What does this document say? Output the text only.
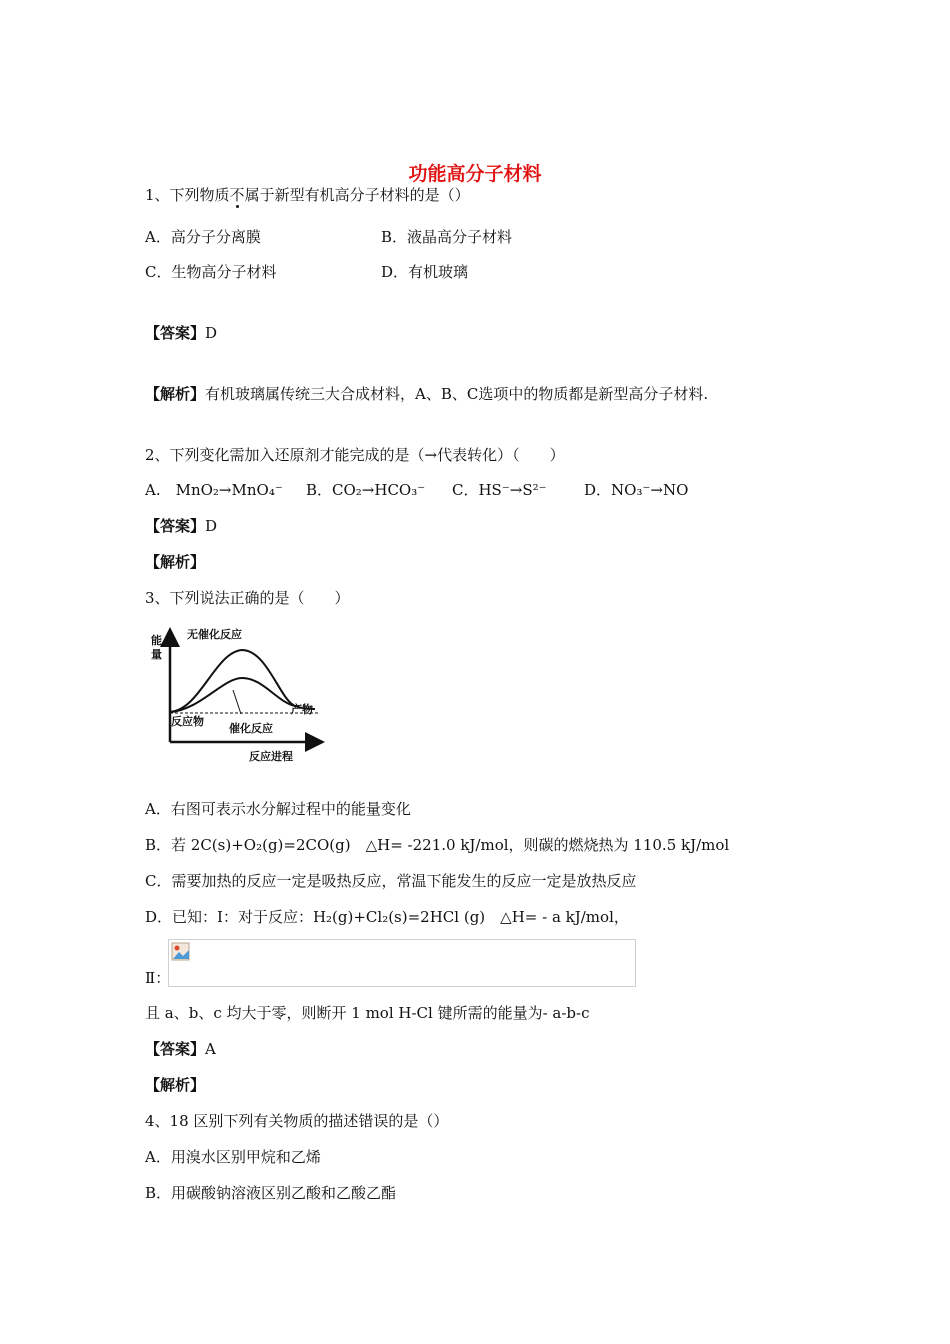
功能高分子材料
1、下列物质不属于新型有机高分子材料的是（）
A．高分子分离膜	B．液晶高分子材料
C．生物高分子材料	D．有机玻璃
【答案】D
【解析】有机玻璃属传统三大合成材料，A、B、C选项中的物质都是新型高分子材料.
2、下列变化需加入还原剂才能完成的是（→代表转化）（　　）
A.　MnO₂→MnO₄⁻ B．CO₂→HCO₃⁻ C．HS⁻→S²⁻ D．NO₃⁻→NO
【答案】D
【解析】
3、下列说法正确的是（　　）
能
量
无催化反应
产物
反应物
催化反应
反应进程
A．右图可表示水分解过程中的能量变化
B．若 2C(s)+O₂(g)=2CO(g)　△H= -221.0 kJ/mol，则碳的燃烧热为 110.5 kJ/mol
C．需要加热的反应一定是吸热反应，常温下能发生的反应一定是放热反应
D．已知：Ⅰ：对于反应：H₂(g)+Cl₂(s)=2HCl (g)　△H= - a kJ/mol，
Ⅱ：
且 a、b、c 均大于零，则断开 1 mol H-Cl 键所需的能量为- a-b-c
【答案】A
【解析】
4、18 区别下列有关物质的描述错误的是（）
A．用溴水区别甲烷和乙烯
B．用碳酸钠溶液区别乙酸和乙酸乙酯
